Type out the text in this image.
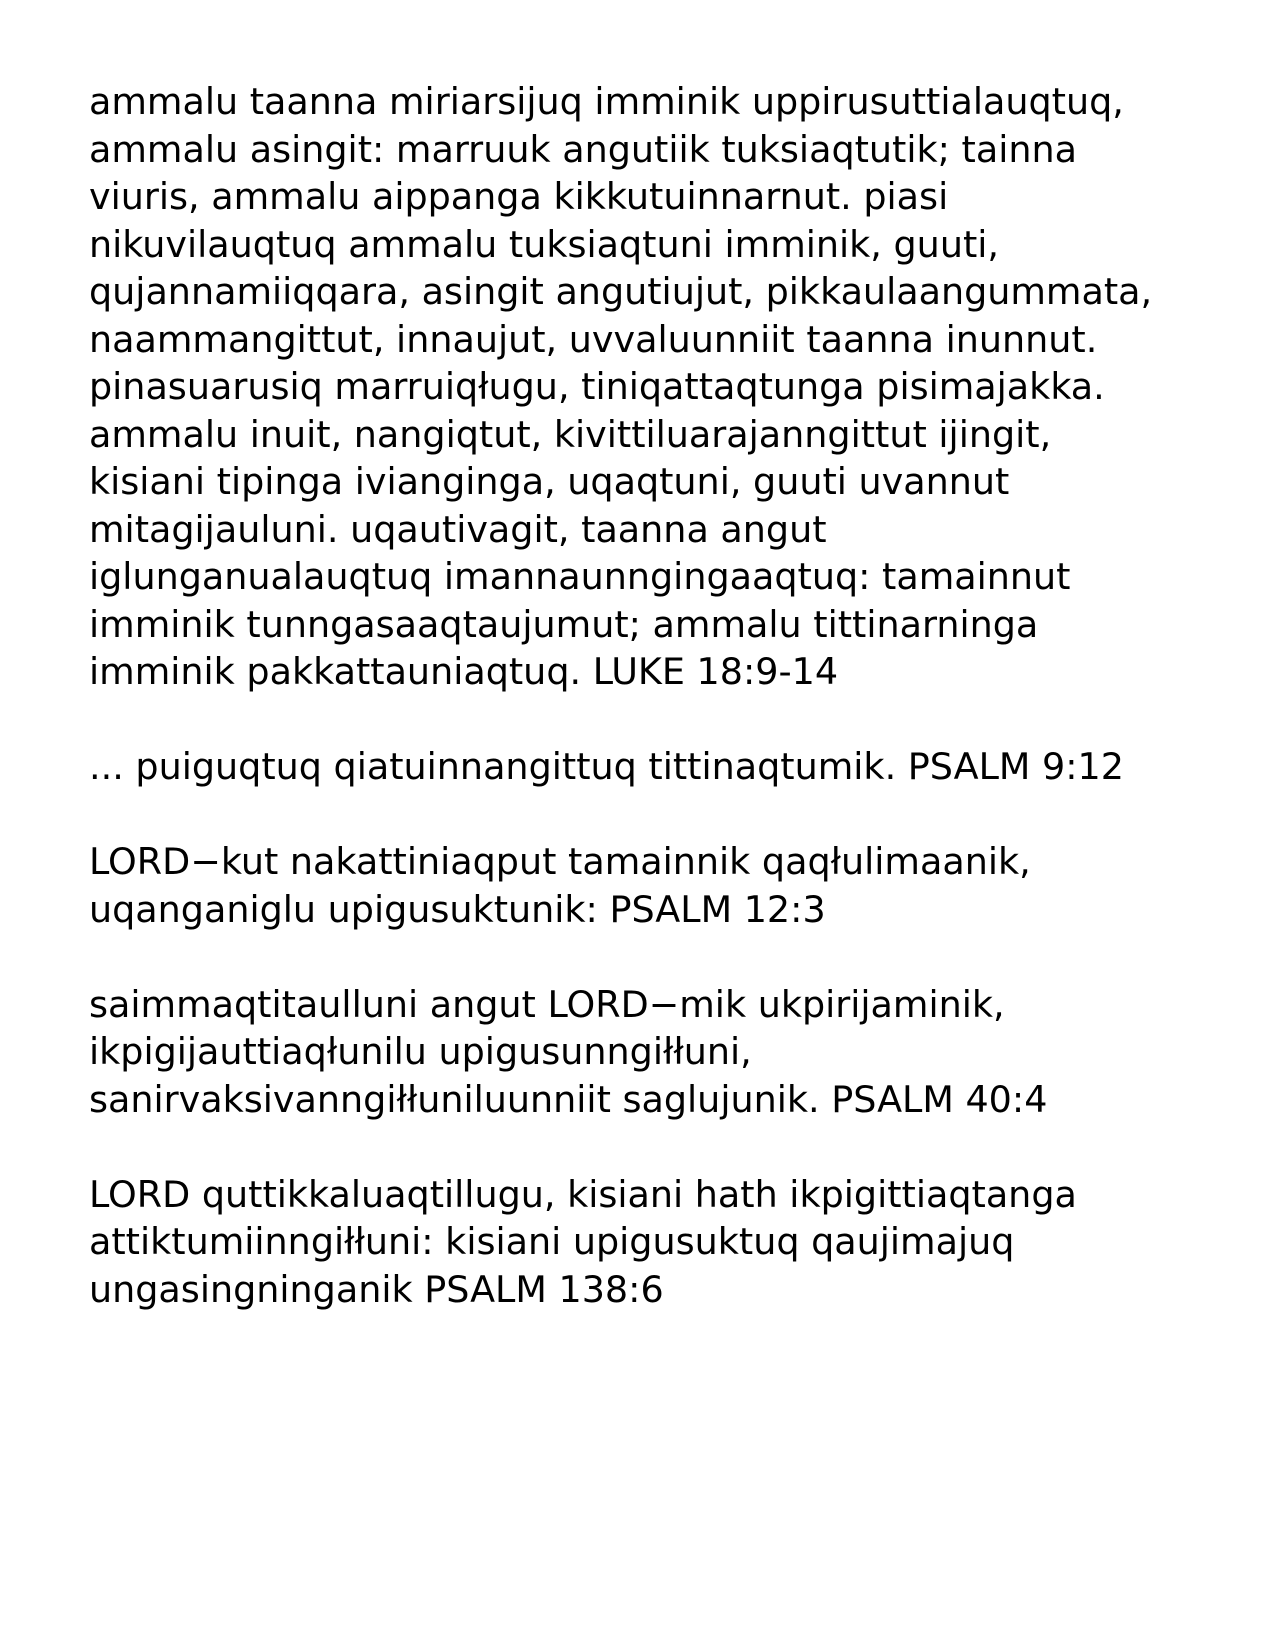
ammalu taanna miriarsijuq imminik uppirusuttialauqtuq,
ammalu asingit: marruuk angutiik tuksiaqtutik; tainna
viuris, ammalu aippanga kikkutuinnarnut. piasi
nikuvilauqtuq ammalu tuksiaqtuni imminik, guuti,
qujannamiiqqara, asingit angutiujut, pikkaulaangummata,
naammangittut, innaujut, uvvaluunniit taanna inunnut.
pinasuarusiq marruiqługu, tiniqattaqtunga pisimajakka.
ammalu inuit, nangiqtut, kivittiluarajanngittut ijingit,
kisiani tipinga ivianginga, uqaqtuni, guuti uvannut
mitagijauluni. uqautivagit, taanna angut
iglunganualauqtuq imannaunngingaaqtuq: tamainnut
imminik tunngasaaqtaujumut; ammalu tittinarninga
imminik pakkattauniaqtuq. LUKE 18:9-14

... puiguqtuq qiatuinnangittuq tittinaqtumik. PSALM 9:12

LORD−kut nakattiniaqput tamainnik qaqłulimaanik,
uqanganiglu upigusuktunik: PSALM 12:3

saimmaqtitaulluni angut LORD−mik ukpirijaminik,
ikpigijauttiaqłunilu upigusunngiłłuni,
sanirvaksivanngiłłuniluunniit saglujunik. PSALM 40:4

LORD quttikkaluaqtillugu, kisiani hath ikpigittiaqtanga
attiktumiinngiłłuni: kisiani upigusuktuq qaujimajuq
ungasingninganik PSALM 138:6
